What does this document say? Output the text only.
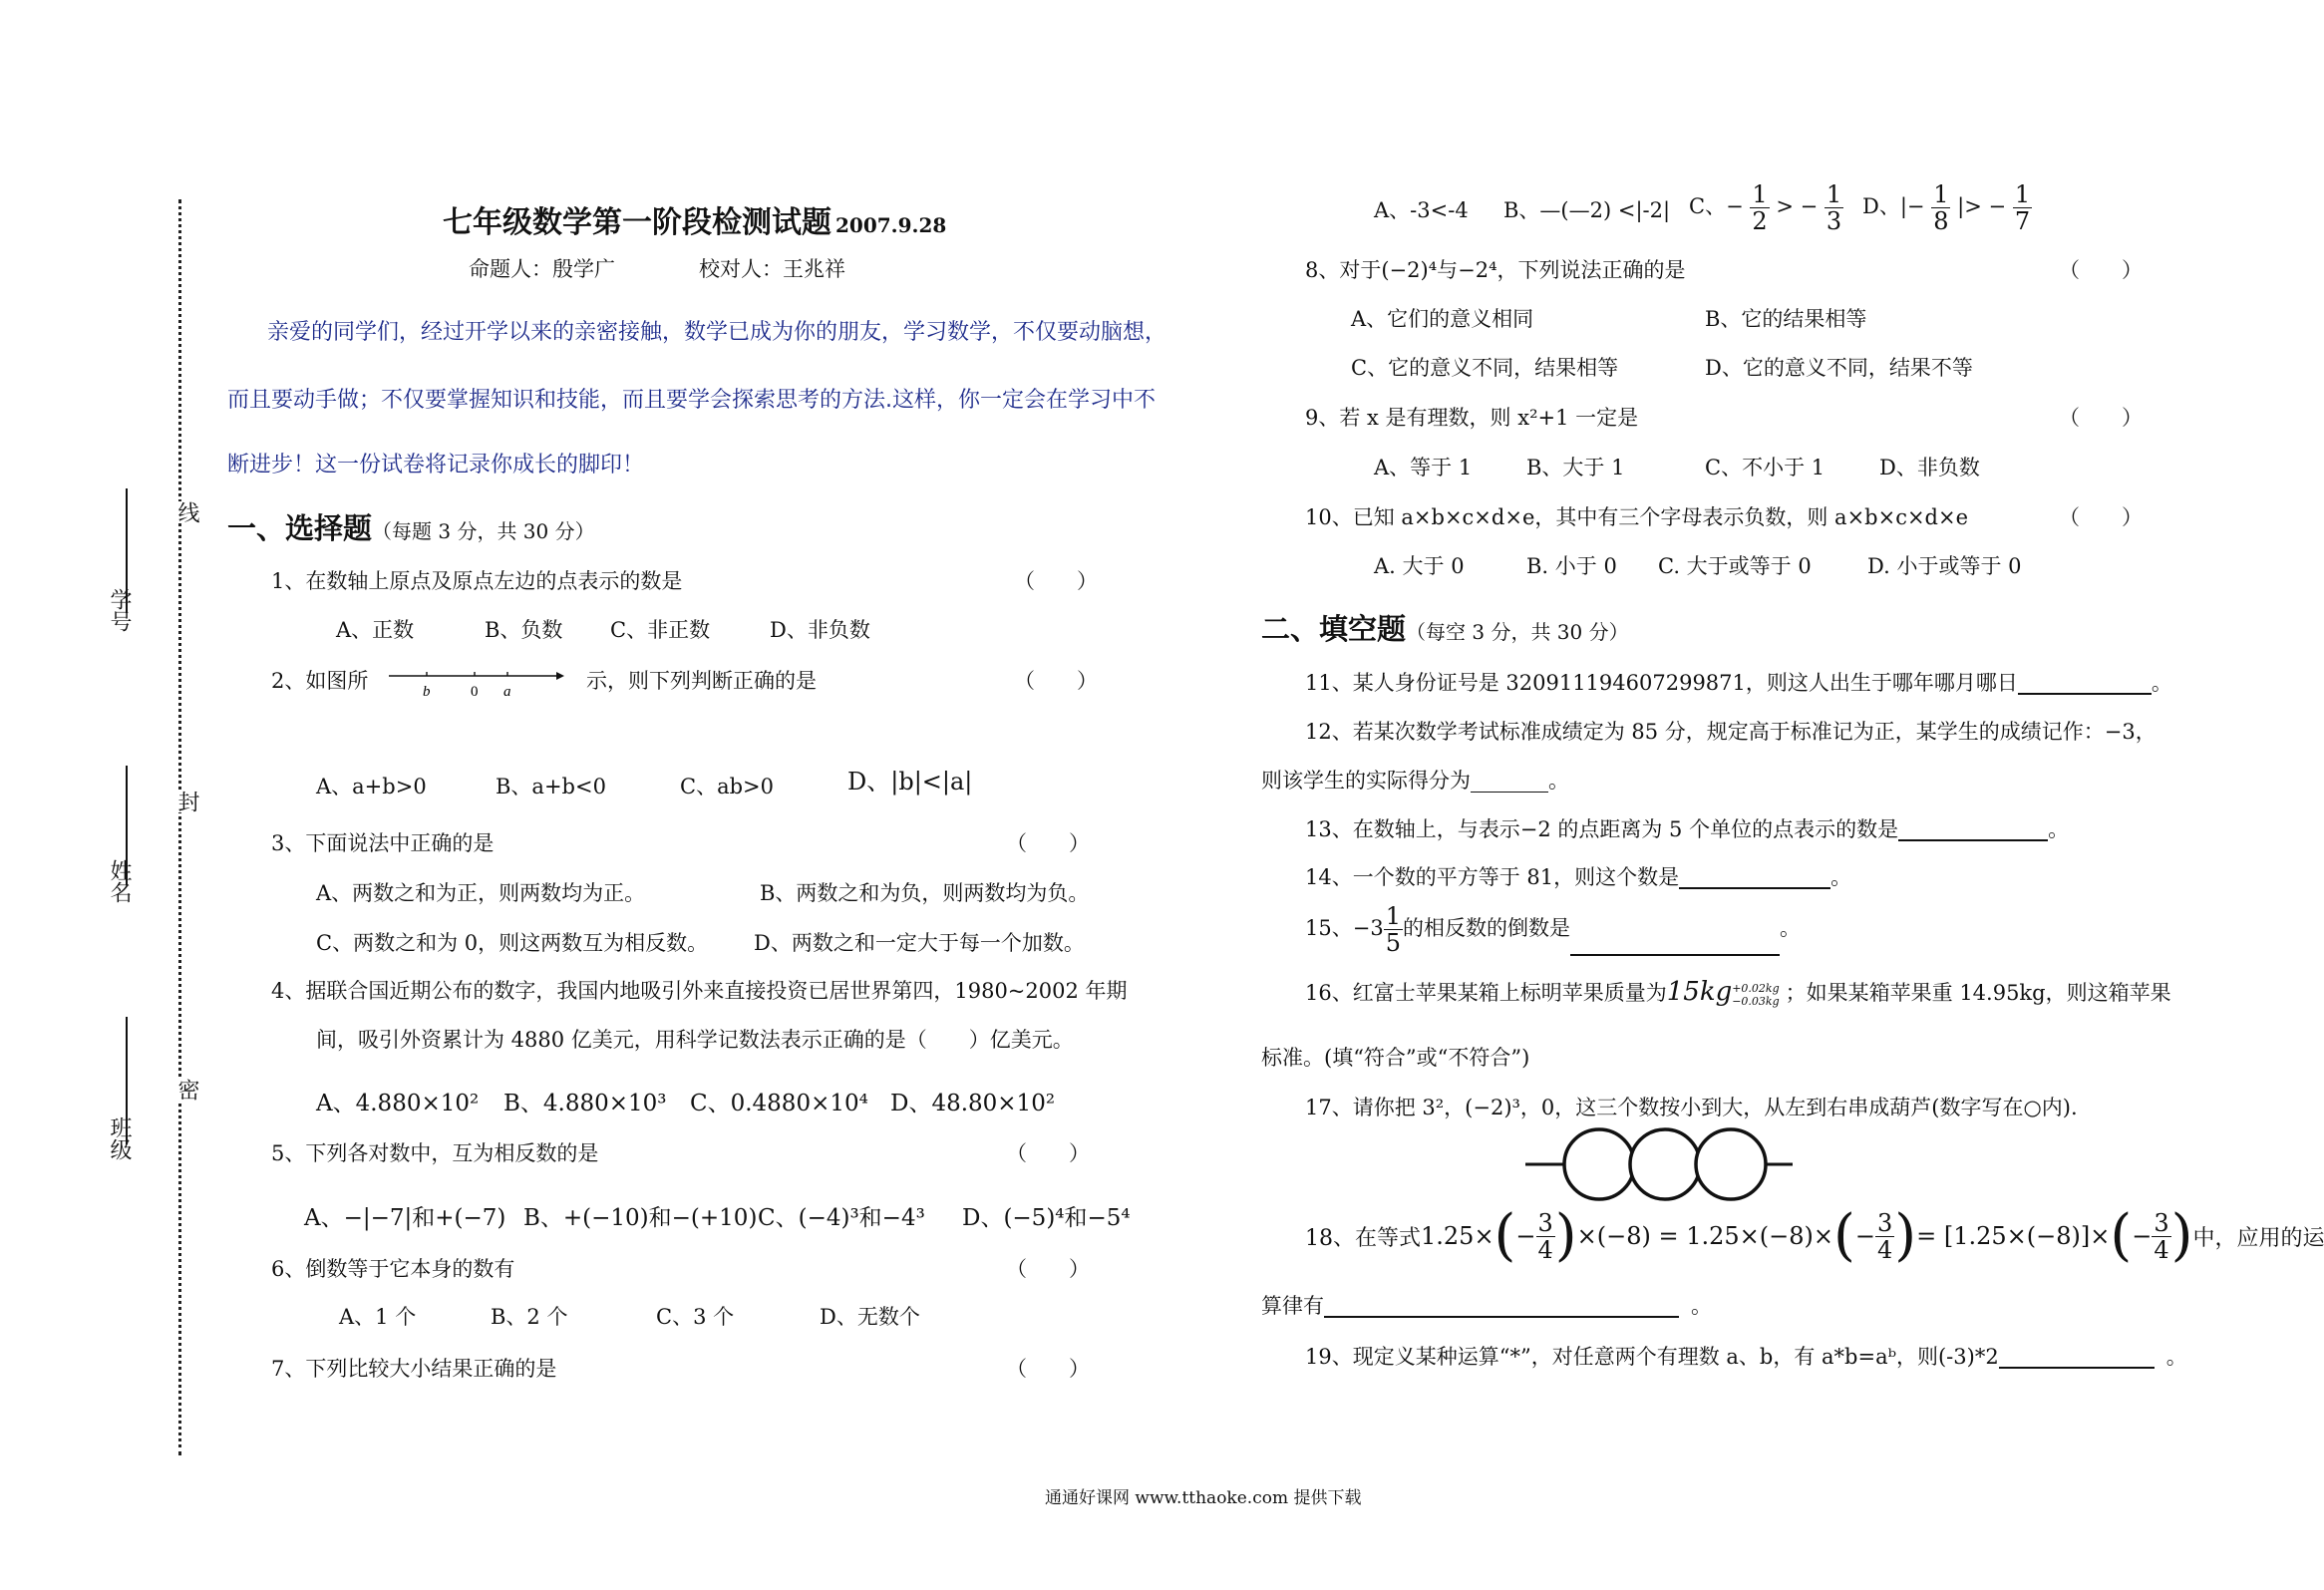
学号
姓名
班级
线
封
密
七年级数学第一阶段检测试题 2007.9.28
命题人：殷学广　　　　校对人：王兆祥
亲爱的同学们，经过开学以来的亲密接触，数学已成为你的朋友，学习数学，不仅要动脑想，
而且要动手做；不仅要掌握知识和技能，而且要学会探索思考的方法.这样，你一定会在学习中不
断进步！这一份试卷将记录你成长的脚印！
一、选择题（每题 3 分，共 30 分）
1、在数轴上原点及原点左边的点表示的数是	（　　）
A、正数	B、负数 C、非正数	D、非负数
2、如图所	b	0 a	示，则下列判断正确的是	（　　）
A、a+b>0	B、a+b<0	C、ab>0	D、|b|<|a|
3、下面说法中正确的是	（　　）
A、两数之和为正，则两数均为正。	B、两数之和为负，则两数均为负。
C、两数之和为 0，则这两数互为相反数。 D、两数之和一定大于每一个加数。
4、据联合国近期公布的数字，我国内地吸引外来直接投资已居世界第四，1980~2002 年期
间，吸引外资累计为 4880 亿美元，用科学记数法表示正确的是（　　）亿美元。
A、4.880×10² B、4.880×10³ C、0.4880×10⁴ D、48.80×10²
5、下列各对数中，互为相反数的是	（　　）
A、−|−7|和+(−7) B、+(−10)和−(+10) C、(−4)³和−4³ D、(−5)⁴和−5⁴
6、倒数等于它本身的数有	（　　）
A、1 个	B、2 个	C、3 个	D、无数个
7、下列比较大小结果正确的是	（　　）
A、-3<-4 B、—(—2) <|-2| C、− $\frac{1}{2}$ > − $\frac{1}{3}$ D、|− $\frac{1}{8}$ |> − $\frac{1}{7}$
8、对于(−2)⁴与−2⁴，下列说法正确的是	（　　）
A、它们的意义相同	B、它的结果相等
C、它的意义不同，结果相等	D、它的意义不同，结果不等
9、若 x 是有理数，则 x²+1 一定是	（　　）
A、等于 1	B、大于 1	C、不小于 1	D、非负数
10、已知 a×b×c×d×e，其中有三个字母表示负数，则 a×b×c×d×e	（　　）
A. 大于 0	B. 小于 0 C. 大于或等于 0	D. 小于或等于 0
二、填空题（每空 3 分，共 30 分）
11、某人身份证号是 320911194607299871，则这人出生于哪年哪月哪日	。
12、若某次数学考试标准成绩定为 85 分，规定高于标准记为正，某学生的成绩记作：−3，
则该学生的实际得分为	。
13、在数轴上，与表示−2 的点距离为 5 个单位的点表示的数是	。
14、一个数的平方等于 81，则这个数是	。
15、$-3 \frac{1}{5}$ 的相反数的倒数是	。
16、红富士苹果某箱上标明苹果质量为15kg +0.02kg
−0.03kg ；如果某箱苹果重 14.95kg，则这箱苹果
标准。(填“符合”或“不符合”)
17、请你把 3²，(−2)³，0，这三个数按小到大，从左到右串成葫芦(数字写在○内).
18、在等式 1.25× ( − $\frac{3}{4}$ ) ×(−8) = 1.25×(−8)× ( − $\frac{3}{4}$ ) = [1.25×(−8)]× ( − $\frac{3}{4}$ ) 中，应用的运
算律有	。
19、现定义某种运算“*”，对任意两个有理数 a、b，有 a*b=aᵇ，则(-3)*2	。
通通好课网 www.tthaoke.com 提供下载
